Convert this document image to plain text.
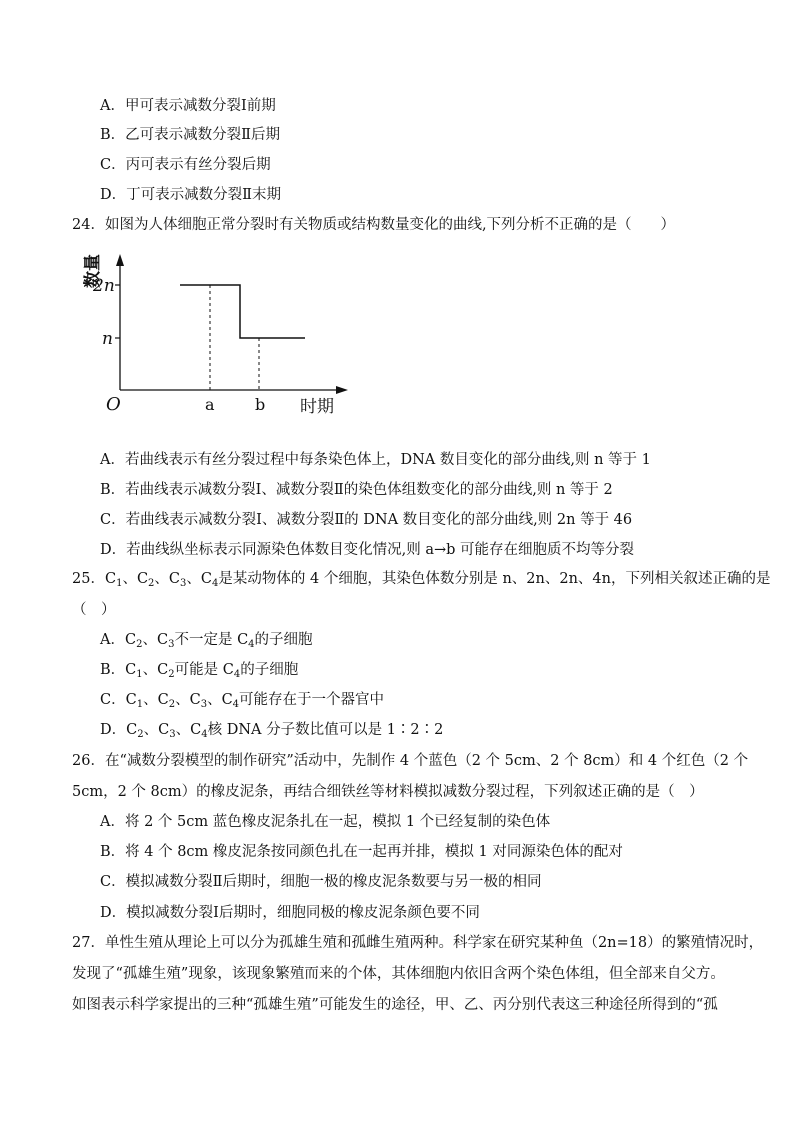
A．甲可表示减数分裂Ⅰ前期
B．乙可表示减数分裂Ⅱ后期
C．丙可表示有丝分裂后期
D．丁可表示减数分裂Ⅱ末期
24．如图为人体细胞正常分裂时有关物质或结构数量变化的曲线,下列分析不正确的是（　　）
数量
2n
n
O	a	b 时期
A．若曲线表示有丝分裂过程中每条染色体上，DNA 数目变化的部分曲线,则 n 等于 1
B．若曲线表示减数分裂Ⅰ、减数分裂Ⅱ的染色体组数变化的部分曲线,则 n 等于 2
C．若曲线表示减数分裂Ⅰ、减数分裂Ⅱ的 DNA 数目变化的部分曲线,则 2n 等于 46
D．若曲线纵坐标表示同源染色体数目变化情况,则 a→b 可能存在细胞质不均等分裂
25．$C_1$、$C_2$、$C_3$、$C_4$是某动物体的 4 个细胞，其染色体数分别是 n、2n、2n、4n，下列相关叙述正确的是
（　）
A．$C_2$、$C_3$不一定是 $C_4$的子细胞
B．$C_1$、$C_2$可能是 $C_4$的子细胞
C．$C_1$、$C_2$、$C_3$、$C_4$可能存在于一个器官中
D．$C_2$、$C_3$、$C_4$核 DNA 分子数比值可以是 1∶2∶2
26．在“减数分裂模型的制作研究”活动中，先制作 4 个蓝色（2 个 5cm、2 个 8cm）和 4 个红色（2 个
5cm，2 个 8cm）的橡皮泥条，再结合细铁丝等材料模拟减数分裂过程，下列叙述正确的是（　）
A．将 2 个 5cm 蓝色橡皮泥条扎在一起，模拟 1 个已经复制的染色体
B．将 4 个 8cm 橡皮泥条按同颜色扎在一起再并排，模拟 1 对同源染色体的配对
C．模拟减数分裂Ⅱ后期时，细胞一极的橡皮泥条数要与另一极的相同
D．模拟减数分裂Ⅰ后期时，细胞同极的橡皮泥条颜色要不同
27．单性生殖从理论上可以分为孤雄生殖和孤雌生殖两种。科学家在研究某种鱼（2n=18）的繁殖情况时，
发现了“孤雄生殖”现象，该现象繁殖而来的个体，其体细胞内依旧含两个染色体组，但全部来自父方。
如图表示科学家提出的三种“孤雄生殖”可能发生的途径，甲、乙、丙分别代表这三种途径所得到的“孤
